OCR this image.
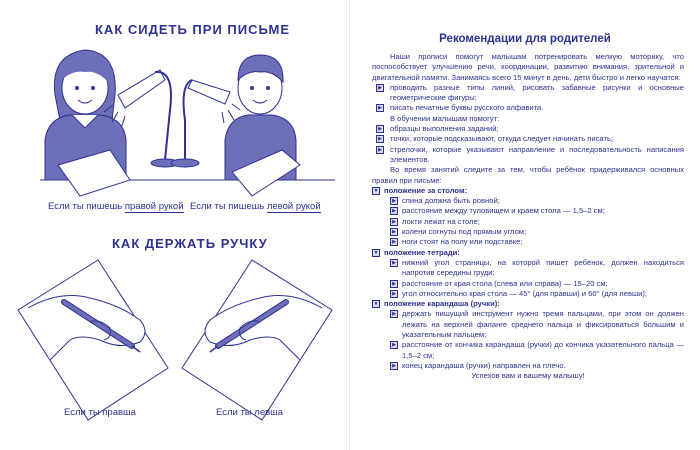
КАК СИДЕТЬ ПРИ ПИСЬМЕ
Если ты пишешь правой рукой Если ты пишешь левой рукой
КАК ДЕРЖАТЬ РУЧКУ
Если ты правша	Если ты левша
Рекомендации для родителей

Наши прописи помогут малышам потренировать мелкую моторику, что поспособствует улучшению речи, координации, развитию внимания, зрительной и двигательной памяти. Занимаясь всего 15 минут в день, дети быстро и легко научатся:

▶ проводить разные типы линий, рисовать забавные рисунки и основные геометрические фигуры;
▶ писать печатные буквы русского алфавита.

В обучении малышам помогут:

▶ образцы выполнения заданий;
▶ точки, которые подсказывают, откуда следует начинать писать;
▶ стрелочки, которые указывают направление и последовательность написания элементов.

Во время занятий следите за тем, чтобы ребёнок придерживался основных правил при письме:

▼ положение за столом:
▶ спина должна быть ровной;
▶ расстояние между туловищем и краем стола — 1,5–2 см;
▶ локти лежат на столе;
▶ колени согнуты под прямым углом;
▶ ноги стоят на полу или подставке;
▼ положение тетради:
▶ нижний угол страницы, на которой пишет ребёнок, должен находиться напротив середины груди;
▶ расстояние от края стола (слева или справа) — 15–20 см;
▶ угол относительно края стола — 45° (для правши) и 60° (для левши);
▼ положение карандаша (ручки):
▶ держать пишущий инструмент нужно тремя пальцами, при этом он должен лежать на верхней фаланге среднего пальца и фиксироваться большим и указательным пальцем;
▶ расстояние от кончика карандаша (ручки) до кончика указательного пальца — 1,5–2 см;
▶ конец карандаша (ручки) направлен на плечо.

Успехов вам и вашему малышу!
